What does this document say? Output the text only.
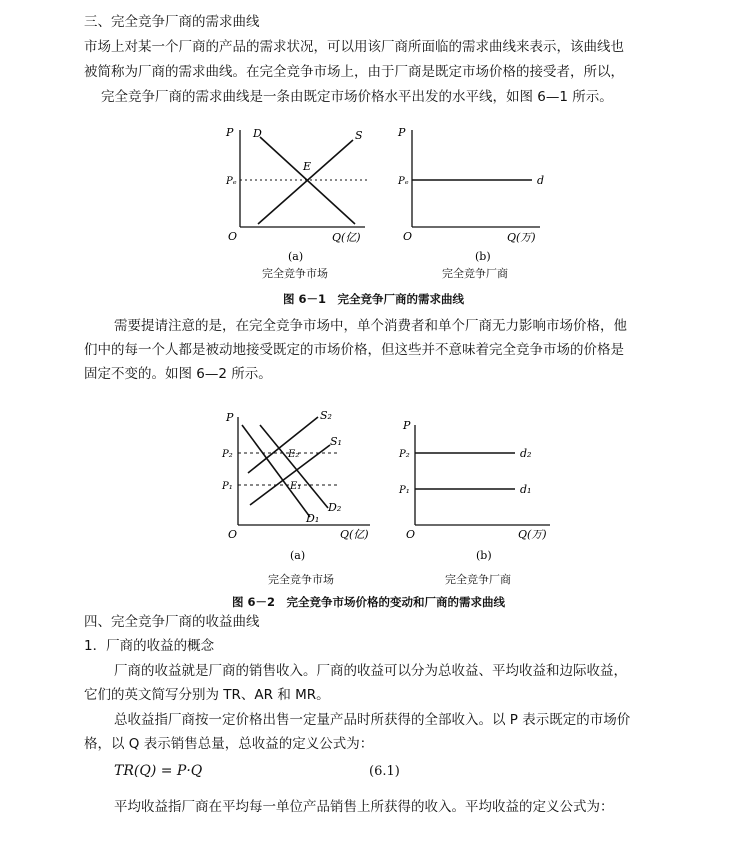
三、完全竞争厂商的需求曲线
市场上对某一个厂商的产品的需求状况，可以用该厂商所面临的需求曲线来表示，该曲线也
被简称为厂商的需求曲线。在完全竞争市场上，由于厂商是既定市场价格的接受者，所以，
完全竞争厂商的需求曲线是一条由既定市场价格水平出发的水平线，如图 6—1 所示。
P
O	Q(亿)
D	S
E
Pₑ
(a)
P
O	Q(万)
Pₑ	d
(b)
完全竞争市场	完全竞争厂商
图 6－1　完全竞争厂商的需求曲线
需要提请注意的是，在完全竞争市场中，单个消费者和单个厂商无力影响市场价格，他
们中的每一个人都是被动地接受既定的市场价格，但这些并不意味着完全竞争市场的价格是
固定不变的。如图 6—2 所示。
P
O	Q(亿)
P₂
P₁
S₂
S₁
D₂
D₁
E₂
E₁
(a)
P
O	Q(万)
P₂
P₁
d₂
d₁
(b)
完全竞争市场	完全竞争厂商
图 6－2　完全竞争市场价格的变动和厂商的需求曲线
四、完全竞争厂商的收益曲线
1．厂商的收益的概念
厂商的收益就是厂商的销售收入。厂商的收益可以分为总收益、平均收益和边际收益，
它们的英文简写分别为 TR、AR 和 MR。
总收益指厂商按一定价格出售一定量产品时所获得的全部收入。以 P 表示既定的市场价
格，以 Q 表示销售总量，总收益的定义公式为：
TR(Q) = P·Q	(6.1)
平均收益指厂商在平均每一单位产品销售上所获得的收入。平均收益的定义公式为：
